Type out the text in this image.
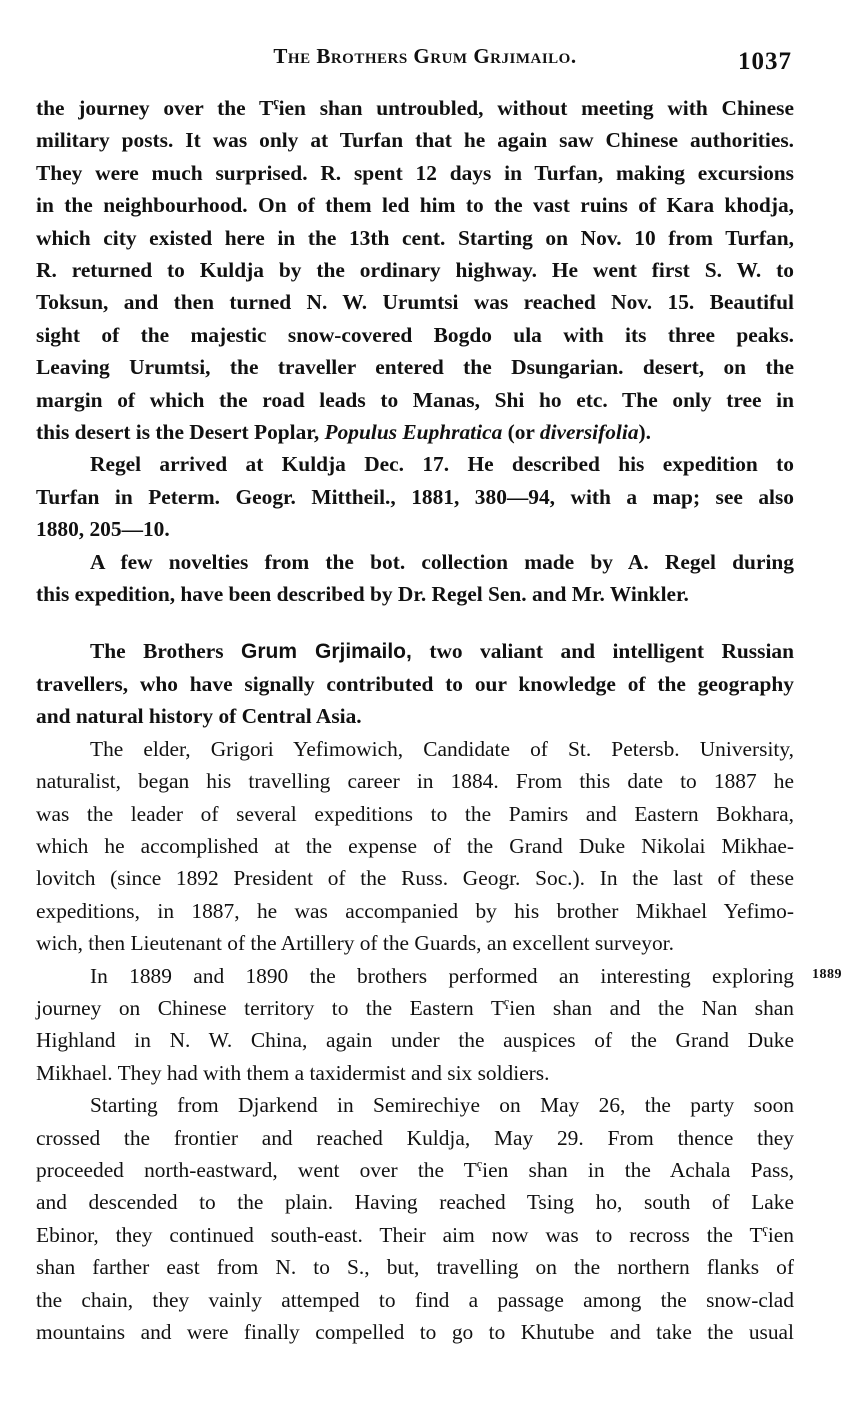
The Brothers Grum Grjimailo.	1037
1889
the journey over the Tˁien shan untroubled, without meeting with Chinese
military posts. It was only at Turfan that he again saw Chinese authorities.
They were much surprised. R. spent 12 days in Turfan, making excursions
in the neighbourhood. On of them led him to the vast ruins of Kara khodja,
which city existed here in the 13th cent. Starting on Nov. 10 from Turfan,
R. returned to Kuldja by the ordinary highway. He went first S. W. to
Toksun, and then turned N. W. Urumtsi was reached Nov. 15. Beautiful
sight of the majestic snow-covered Bogdo ula with its three peaks.
Leaving Urumtsi, the traveller entered the Dsungarian. desert, on the
margin of which the road leads to Manas, Shi ho etc. The only tree in
this desert is the Desert Poplar, Populus Euphratica (or diversifolia).
Regel arrived at Kuldja Dec. 17. He described his expedition to
Turfan in Peterm. Geogr. Mittheil., 1881, 380—94, with a map; see also
1880, 205—10.
A few novelties from the bot. collection made by A. Regel during
this expedition, have been described by Dr. Regel Sen. and Mr. Winkler.
The Brothers Grum Grjimailo, two valiant and intelligent Russian
travellers, who have signally contributed to our knowledge of the geography
and natural history of Central Asia.
The elder, Grigori Yefimowich, Candidate of St. Petersb. University,
naturalist, began his travelling career in 1884. From this date to 1887 he
was the leader of several expeditions to the Pamirs and Eastern Bokhara,
which he accomplished at the expense of the Grand Duke Nikolai Mikhae-
lovitch (since 1892 President of the Russ. Geogr. Soc.). In the last of these
expeditions, in 1887, he was accompanied by his brother Mikhael Yefimo-
wich, then Lieutenant of the Artillery of the Guards, an excellent surveyor.
In 1889 and 1890 the brothers performed an interesting exploring
journey on Chinese territory to the Eastern Tˁien shan and the Nan shan
Highland in N. W. China, again under the auspices of the Grand Duke
Mikhael. They had with them a taxidermist and six soldiers.
Starting from Djarkend in Semirechiye on May 26, the party soon
crossed the frontier and reached Kuldja, May 29. From thence they
proceeded north-eastward, went over the Tˁien shan in the Achala Pass,
and descended to the plain. Having reached Tsing ho, south of Lake
Ebinor, they continued south-east. Their aim now was to recross the Tˁien
shan farther east from N. to S., but, travelling on the northern flanks of
the chain, they vainly attemped to find a passage among the snow-clad
mountains and were finally compelled to go to Khutube and take the usual
